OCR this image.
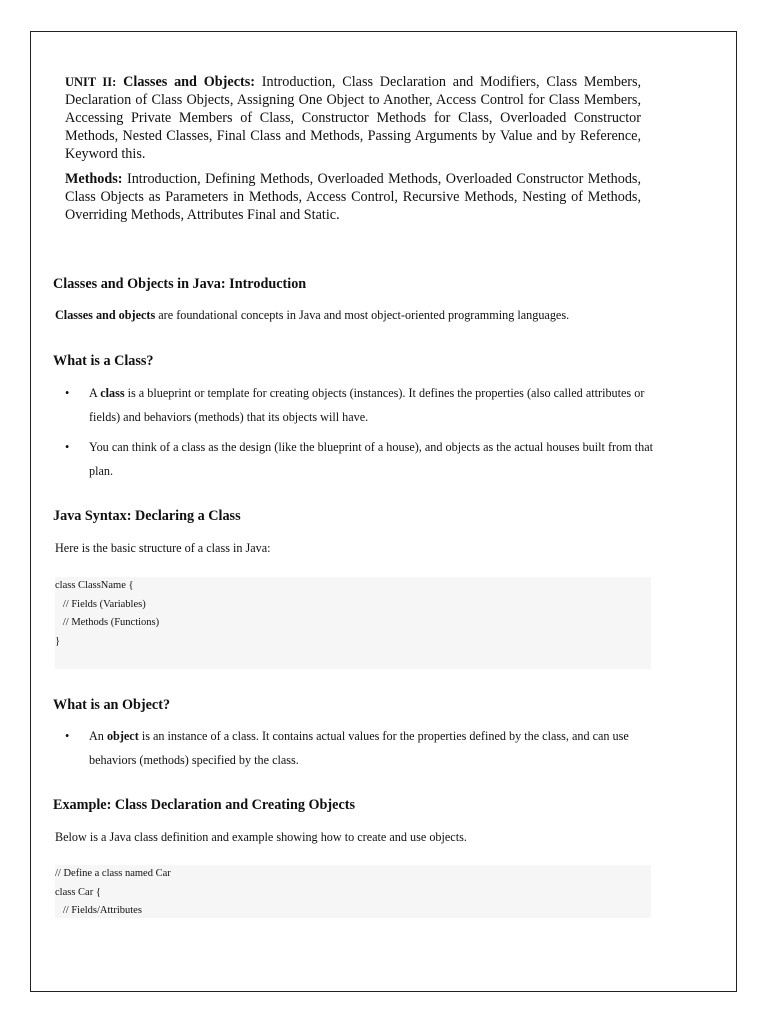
UNIT II: Classes and Objects: Introduction, Class Declaration and Modifiers, Class Members, Declaration of Class Objects, Assigning One Object to Another, Access Control for Class Members, Accessing Private Members of Class, Constructor Methods for Class, Overloaded Constructor Methods, Nested Classes, Final Class and Methods, Passing Arguments by Value and by Reference, Keyword this.
Methods: Introduction, Defining Methods, Overloaded Methods, Overloaded Constructor Methods, Class Objects as Parameters in Methods, Access Control, Recursive Methods, Nesting of Methods, Overriding Methods, Attributes Final and Static.
Classes and Objects in Java: Introduction

Classes and objects are foundational concepts in Java and most object-oriented programming languages.

What is a Class?
• A class is a blueprint or template for creating objects (instances). It defines the properties (also called attributes or fields) and behaviors (methods) that its objects will have.
• You can think of a class as the design (like the blueprint of a house), and objects as the actual houses built from that plan.
Java Syntax: Declaring a Class

Here is the basic structure of a class in Java:

class ClassName {
// Fields (Variables)
// Methods (Functions)
}
What is an Object?
• An object is an instance of a class. It contains actual values for the properties defined by the class, and can use behaviors (methods) specified by the class.
Example: Class Declaration and Creating Objects

Below is a Java class definition and example showing how to create and use objects.

// Define a class named Car
class Car {
// Fields/Attributes
